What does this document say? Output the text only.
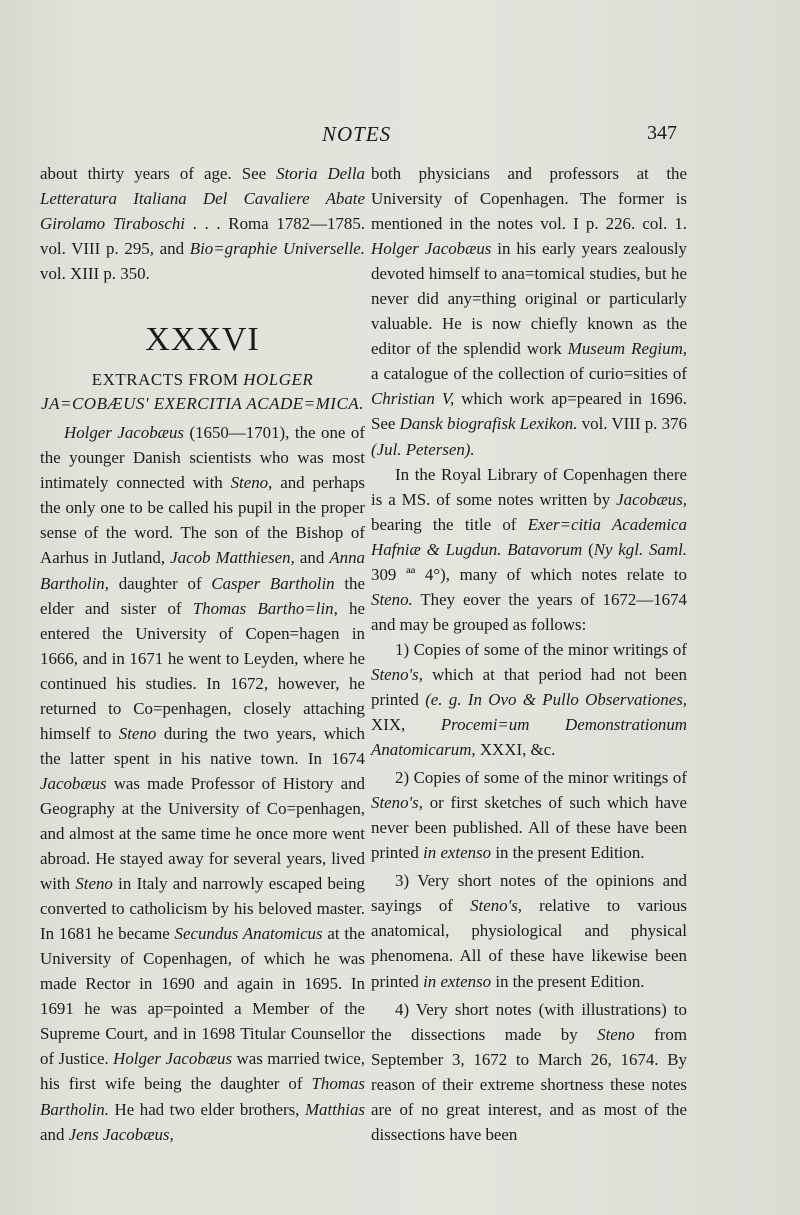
NOTES	347

about thirty years of age. See Storia Della Letteratura Italiana Del Cavaliere Abate Girolamo Tiraboschi . . . Roma 1782—1785. vol. VIII p. 295, and Bio=graphie Universelle. vol. XIII p. 350.

XXXVI

EXTRACTS FROM HOLGER JA=COBÆUS' EXERCITIA ACADE=MICA.

Holger Jacobæus (1650—1701), the one of the younger Danish scientists who was most intimately connected with Steno, and perhaps the only one to be called his pupil in the proper sense of the word. The son of the Bishop of Aarhus in Jutland, Jacob Matthiesen, and Anna Bartholin, daughter of Casper Bartholin the elder and sister of Thomas Bartho=lin, he entered the University of Copen=hagen in 1666, and in 1671 he went to Leyden, where he continued his studies. In 1672, however, he returned to Co=penhagen, closely attaching himself to Steno during the two years, which the latter spent in his native town. In 1674 Jacobæus was made Professor of History and Geography at the University of Co=penhagen, and almost at the same time he once more went abroad. He stayed away for several years, lived with Steno in Italy and narrowly escaped being converted to catholicism by his beloved master. In 1681 he became Secundus Anatomicus at the University of Copenhagen, of which he was made Rector in 1690 and again in 1695. In 1691 he was ap=pointed a Member of the Supreme Court, and in 1698 Titular Counsellor of Justice. Holger Jacobæus was married twice, his first wife being the daughter of Thomas Bartholin. He had two elder brothers, Matthias and Jens Jacobæus,

both physicians and professors at the University of Copenhagen. The former is mentioned in the notes vol. I p. 226. col. 1. Holger Jacobæus in his early years zealously devoted himself to ana=tomical studies, but he never did any=thing original or particularly valuable. He is now chiefly known as the editor of the splendid work Museum Regium, a catalogue of the collection of curio=sities of Christian V, which work ap=peared in 1696. See Dansk biografisk Lexikon. vol. VIII p. 376 (Jul. Petersen).

In the Royal Library of Copenhagen there is a MS. of some notes written by Jacobæus, bearing the title of Exer=citia Academica Hafniæ & Lugdun. Batavorum (Ny kgl. Saml. 309 ªª 4°), many of which notes relate to Steno. They eover the years of 1672—1674 and may be grouped as follows:

1) Copies of some of the minor writings of Steno's, which at that period had not been printed (e. g. In Ovo & Pullo Observationes, XIX, Procemi=um Demonstrationum Anatomicarum, XXXI, &c.

2) Copies of some of the minor writings of Steno's, or first sketches of such which have never been published. All of these have been printed in extenso in the present Edition.

3) Very short notes of the opinions and sayings of Steno's, relative to various anatomical, physiological and physical phenomena. All of these have likewise been printed in extenso in the present Edition.

4) Very short notes (with illustrations) to the dissections made by Steno from September 3, 1672 to March 26, 1674. By reason of their extreme shortness these notes are of no great interest, and as most of the dissections have been
